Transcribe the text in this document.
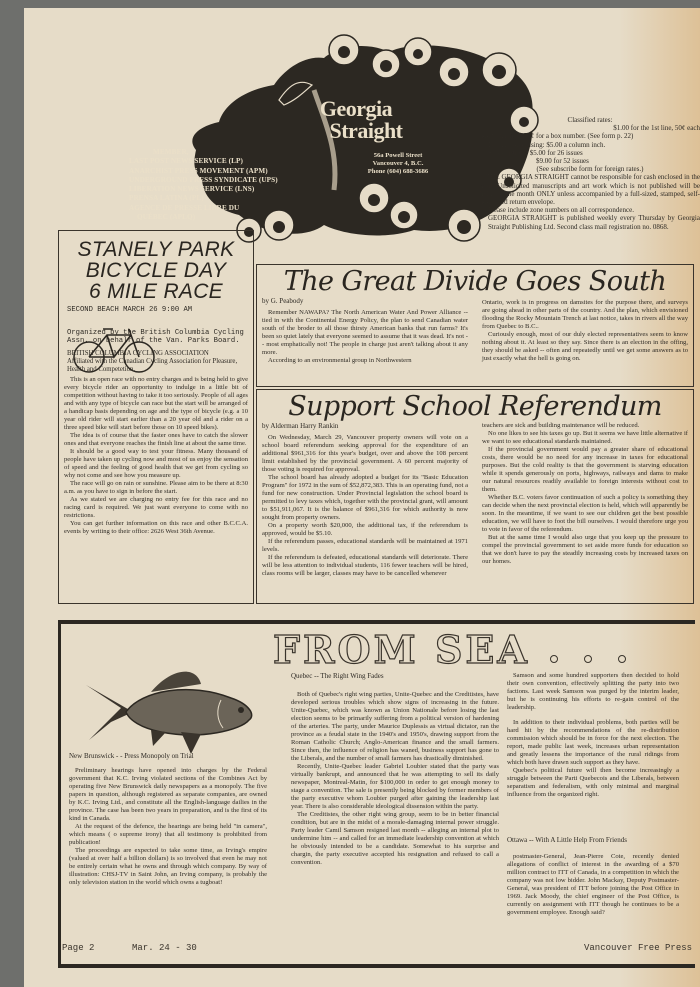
MEMBER,
LAST POST NEWS SERVICE (LP)
ANARCHIST PRESS MOVEMENT (APM)
UNDERGROUND PRESS SYNDICATE (UPS)
LIBERATION NEWS SERVICE (LNS)
PRENSA LATINA (PL)
AGENCE DE PRESSE LIBRE DU
QUÉBEC (APLQ)
Georgia
Straight
56a Powell Street
Vancouver 4, B.C.
Phone (604) 688-3686

Classified rates:

$1.00 for the 1st line, 50¢ each

additional line. 50¢ for a box number. (See form p. 22)

Display advertising: $5.00 a column inch.

Subscriptions: $5.00 for 26 issues

$9.00 for 52 issues

(See subscribe form for foreign rates.)

THE GEORGIA STRAIGHT cannot be responsible for cash enclosed in the mail. Unsolicited manuscripts and art work which is not published will be held for one month ONLY unless accompanied by a full-sized, stamped, self-addressed return envelope.

Please include zone numbers on all correspondence.

GEORGIA STRAIGHT is published weekly every Thursday by Georgia Straight Publishing Ltd. Second class mail registration no. 0868.

STANELY PARK
BICYCLE DAY
6 MILE RACE
SECOND BEACH MARCH 26 9:00 AM
Organized by the British Columbia Cycling Assn. on behalf of the Van. Parks Board.
BRITISH COLUMBIA CYCLING ASSOCIATION
Affiliated with the Canadian Cycling Association for Pleasure, Health and Competetion.

This is an open race with no entry charges and is being held to give every bicycle rider an opportunity to indulge in a little bit of competition without having to take it too seriously. People of all ages and with any type of bicycle can race but the start will be arranged of a handicap basis depending on age and the type of bicycle (e.g. a 10 year old rider will start earlier than a 20 year old and a rider on a three speed bike will start before those on 10 speed bikes).

The idea is of course that the faster ones have to catch the slower ones and that everyone reaches the finish line at about the same time.

It should be a good way to test your fitness. Many thousand of people have taken up cycling now and most of us enjoy the sensation of speed and the feeling of good health that we get from cycling so why not come and see how you measure up.

The race will go on rain or sunshine. Please aim to be there at 8:30 a.m. as you have to sign in before the start.

As we stated we are charging no entry fee for this race and no racing card is required. We just want everyone to come with no restrictions.

You can get further information on this race and other B.C.C.A. events by writing to their office: 2626 West 36th Avenue.

The Great Divide Goes South

by G. Peabody

Remember NAWAPA? The North American Water And Power Alliance -- tied in with the Continental Energy Policy, the plan to send Canadian water south of the broder to all those thirsty American banks that run farms? It's been so quiet lately that everyone seemed to assume that it was dead. It's not -- most emphatically not! The people in charge just aren't talking about it any more.

According to an environmental group in Northwestern

Ontario, work is in progress on damsites for the purpose there, and surveys are going ahead in other parts of the country. And the plan, which envisioned flooding the Rocky Mountain Trench at last notice, takes in rivers all the way from Quebec to B.C..

Curiously enough, most of our duly elected representatives seem to know nothing about it. At least so they say. Since there is an election in the offing, they should be asked -- often and repeatedly until we get some answers as to just exactly what the hell is going on.

Support School Referendum

by Alderman Harry Rankin

On Wednesday, March 29, Vancouver property owners will vote on a school board referendum seeking approval for the expenditure of an additional $961,316 for this year's budget, over and above the 108 percent limit established by the provincial government. A 60 percent majority of those voting is required for approval.

The school board has already adopted a budget for its "Basic Education Program" for 1972 in the sum of $52,872,383. This is an operating fund, not a fund for new construction. Under Provincial legislation the school board is permitted to levy taxes which, together with the provincial grant, will amount to $51,911,067. It is the balance of $961,316 for which authority is now sought from property owners.

On a property worth $20,000, the additional tax, if the referendum is approved, would be $5.10.

If the referendum passes, educational standards will be maintained at 1971 levels.

If the referendum is defeated, educational standards will deteriorate. There will be less attention to individual students, 116 fewer teachers will be hired, class rooms will be larger, classes may have to be cancelled whenever

teachers are sick and building maintenance will be reduced.

No one likes to see his taxes go up. But it seems we have little alternative if we want to see educational standards maintained.

If the provincial government would pay a greater share of educational costs, there would be no need for any increase in taxes for educational purposes. But the cold reality is that the government is starving education while it spends generously on ports, highways, railways and dams to make our natural resources readily available to foreign interests without cost to them.

Whether B.C. voters favor continuation of such a policy is something they can decide when the next provincial election is held, which will apparently be soon. In the meantime, if we want to see our children get the best possible education, we will have to foot the bill ourselves. I would therefore urge you to vote in favor of the referendum.

But at the same time I would also urge that you keep up the pressure to compel the provincial government to set aside more funds for education so that we don't have to pay the steadily increasing costs by increased taxes on our homes.

FROM SEA

New Brunswick - - Press Monopoly on Trial

Preliminary hearings have opened into charges by the Federal government that K.C. Irving violated sections of the Combines Act by operating five New Brunswick daily newspapers as a monopoly. The five papers in question, although registered as separate companies, are owned by K.C. Irving Ltd., and constitute all the English-language dailies in the province. The case has been two years in preparation, and is the first of its kind in Canada.

At the request of the defence, the hearings are being held "in camera", which means ( o supreme irony) that all testimony is prohibited from publication!

The proceedings are expected to take some time, as Irving's empire (valued at over half a billion dollars) is so involved that even he may not be entirely certain what he owns and through which company. By way of illustration: CHSJ-TV in Saint John, an Irving company, is probably the only television station in the world which owns a tugboat!

Quebec -- The Right Wing Fades

Both of Quebec's right wing parties, Unite-Quebec and the Creditistes, have developed serious troubles which show signs of increasing in the future. Unite-Quebec, which was known as Union Nationale before losing the last election seems to be primarily suffering from a political version of hardening of the arteries. The party, under Maurice Duplessis as virtual dictator, ran the province as a feudal state in the 1940's and 1950's, drawing support from the Roman Catholic Church; Anglo-American finance and the small farmers. Since then, the influence of religion has waned, business support has gone to the Liberals, and the number of small farmers has drastically diminished.

Recently, Unite-Quebec leader Gabriel Loubier stated that the party was virtually bankrupt, and announced that he was attempting to sell its daily newspaper, Montreal-Matin, for $100,000 in order to get enough money to stage a convention. The sale is presently being blocked by former members of the party executive whom Loubier purged after gaining the leadership last year. There is also considerable ideological dissension within the party.

The Creditistes, the other right wing group, seem to be in better financial condition, but are in the midst of a morale-damaging internal power struggle. Party leader Camil Samson resigned last month -- alleging an internal plot to undermine him -- and called for an immediate leadership convention at which he obviously intended to be a candidate. Somewhat to his surprise and chargin, the party executive accepted his resignation and refused to call a convention.

Samson and some hundred supporters then decided to hold their own convention, effectively splitting the party into two factions. Last week Samson was purged by the interim leader, but he is continuing his efforts to re-gain control of the leadership.

In addition to their individual problems, both parties will be hard hit by the recommendations of the re-distribution commission which should be in force for the next election. The report, made public last week, increases urban representation and greatly lessens the importance of the rural ridings from which both have drawn such support as they have.

Quebec's political future will then become increasingly a struggle between the Parti Quebecois and the Liberals, between separatism and federalism, with only minimal and marginal influence from the organized right.

Ottawa -- With A Little Help From Friends

postmaster-General, Jean-Pierre Cote, recently denied allegations of conflict of interest in the awarding of a $70 million contract to ITT of Canada, in a competition in which the company was not low bidder. John Mackay, Deputy Postmaster-General, was president of ITT before joining the Post Office in 1969. Jack Moody, the chief engineer of the Post Office, is currently on assignment with ITT though he continues to be a government employee. Enough said?

Page 2	Mar. 24 - 30	Vancouver Free Press
